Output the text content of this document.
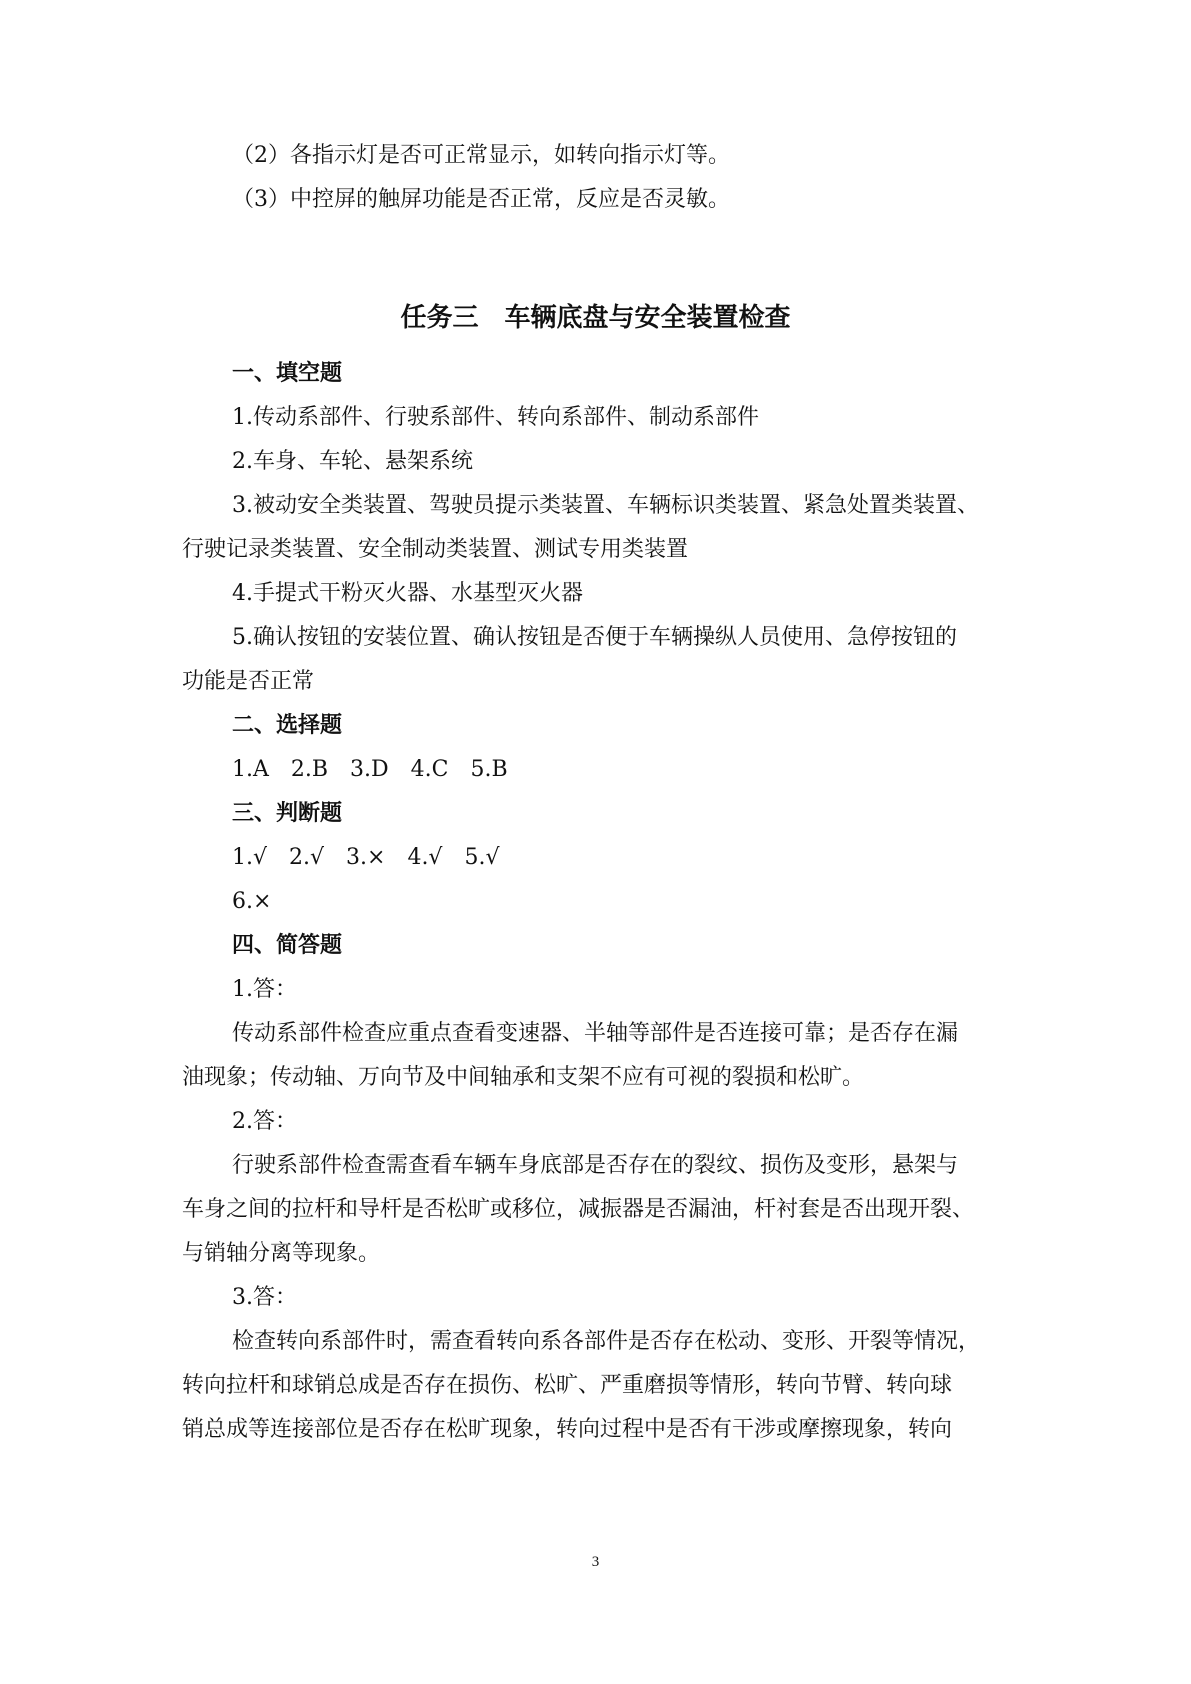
（2）各指示灯是否可正常显示，如转向指示灯等。
（3）中控屏的触屏功能是否正常，反应是否灵敏。
任务三　车辆底盘与安全装置检查
一、填空题
1.传动系部件、行驶系部件、转向系部件、制动系部件
2.车身、车轮、悬架系统
3.被动安全类装置、驾驶员提示类装置、车辆标识类装置、紧急处置类装置、
行驶记录类装置、安全制动类装置、测试专用类装置
4.手提式干粉灭火器、水基型灭火器
5.确认按钮的安装位置、确认按钮是否便于车辆操纵人员使用、急停按钮的
功能是否正常
二、选择题
1.A　2.B　3.D　4.C　5.B
三、判断题
1.√　2.√　3.×　4.√　5.√
6.×
四、简答题
1.答：
传动系部件检查应重点查看变速器、半轴等部件是否连接可靠；是否存在漏
油现象；传动轴、万向节及中间轴承和支架不应有可视的裂损和松旷。
2.答：
行驶系部件检查需查看车辆车身底部是否存在的裂纹、损伤及变形，悬架与
车身之间的拉杆和导杆是否松旷或移位，减振器是否漏油，杆衬套是否出现开裂、
与销轴分离等现象。
3.答：
检查转向系部件时，需查看转向系各部件是否存在松动、变形、开裂等情况，
转向拉杆和球销总成是否存在损伤、松旷、严重磨损等情形，转向节臂、转向球
销总成等连接部位是否存在松旷现象，转向过程中是否有干涉或摩擦现象，转向
3
